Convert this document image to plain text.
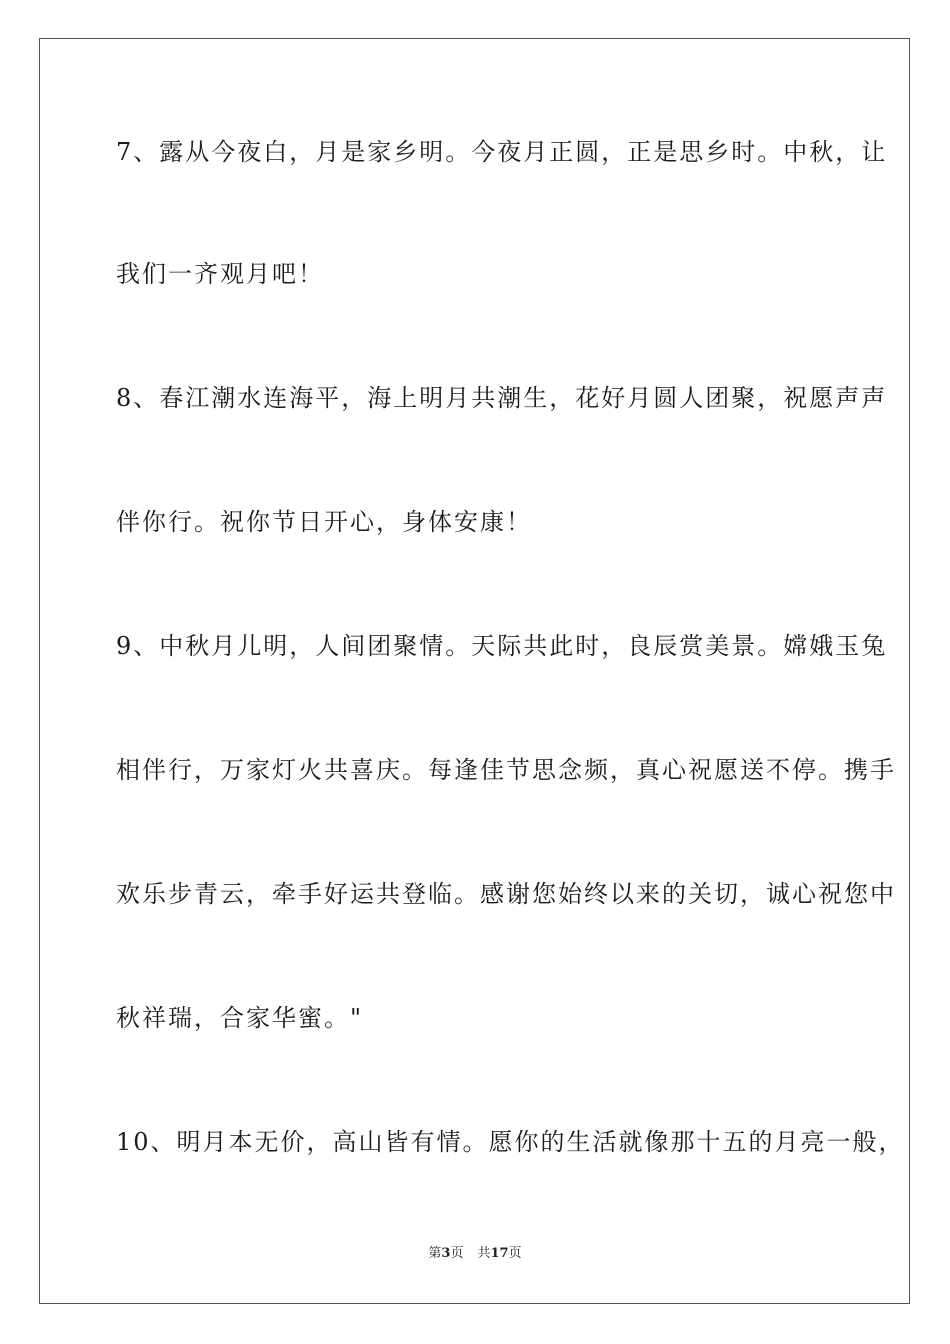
7、露从今夜白，月是家乡明。今夜月正圆，正是思乡时。中秋，让
我们一齐观月吧！
8、春江潮水连海平，海上明月共潮生，花好月圆人团聚，祝愿声声
伴你行。祝你节日开心，身体安康！
9、中秋月儿明，人间团聚情。天际共此时，良辰赏美景。嫦娥玉兔
相伴行，万家灯火共喜庆。每逢佳节思念频，真心祝愿送不停。携手
欢乐步青云，牵手好运共登临。感谢您始终以来的关切，诚心祝您中
秋祥瑞，合家华蜜。"
10、明月本无价，高山皆有情。愿你的生活就像那十五的月亮一般，
第3页 共17页
